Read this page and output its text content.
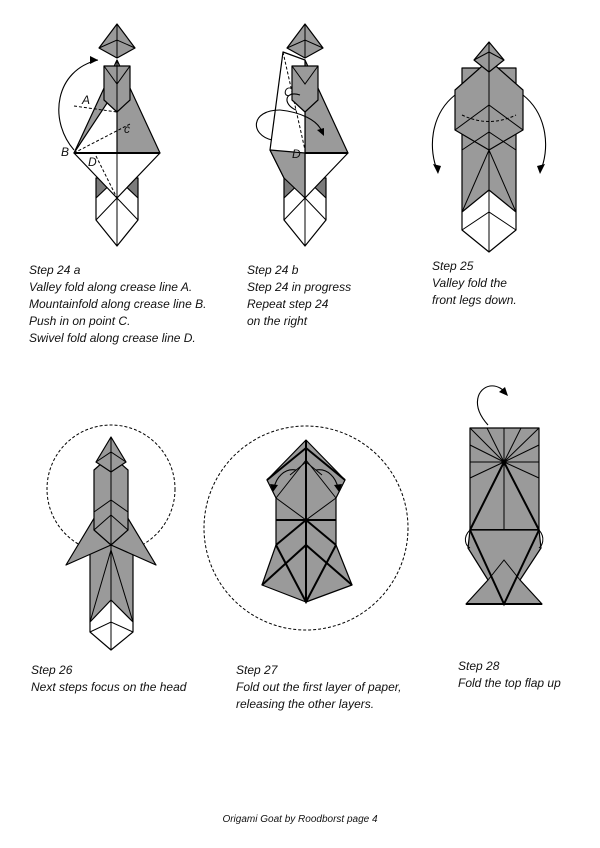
A
B
c
D
Step 24 a
Valley fold along crease line A.
Mountainfold along crease line B.
Push in on point C.
Swivel fold along crease line D.
C
D
Step 24 b
Step 24 in progress
Repeat step 24
on the right
Step 25
Valley fold the
front legs down.
Step 26
Next steps focus on the head
Step 27
Fold out the first layer of paper,
releasing the other layers.
Step 28
Fold the top flap up
Origami Goat by Roodborst page 4
